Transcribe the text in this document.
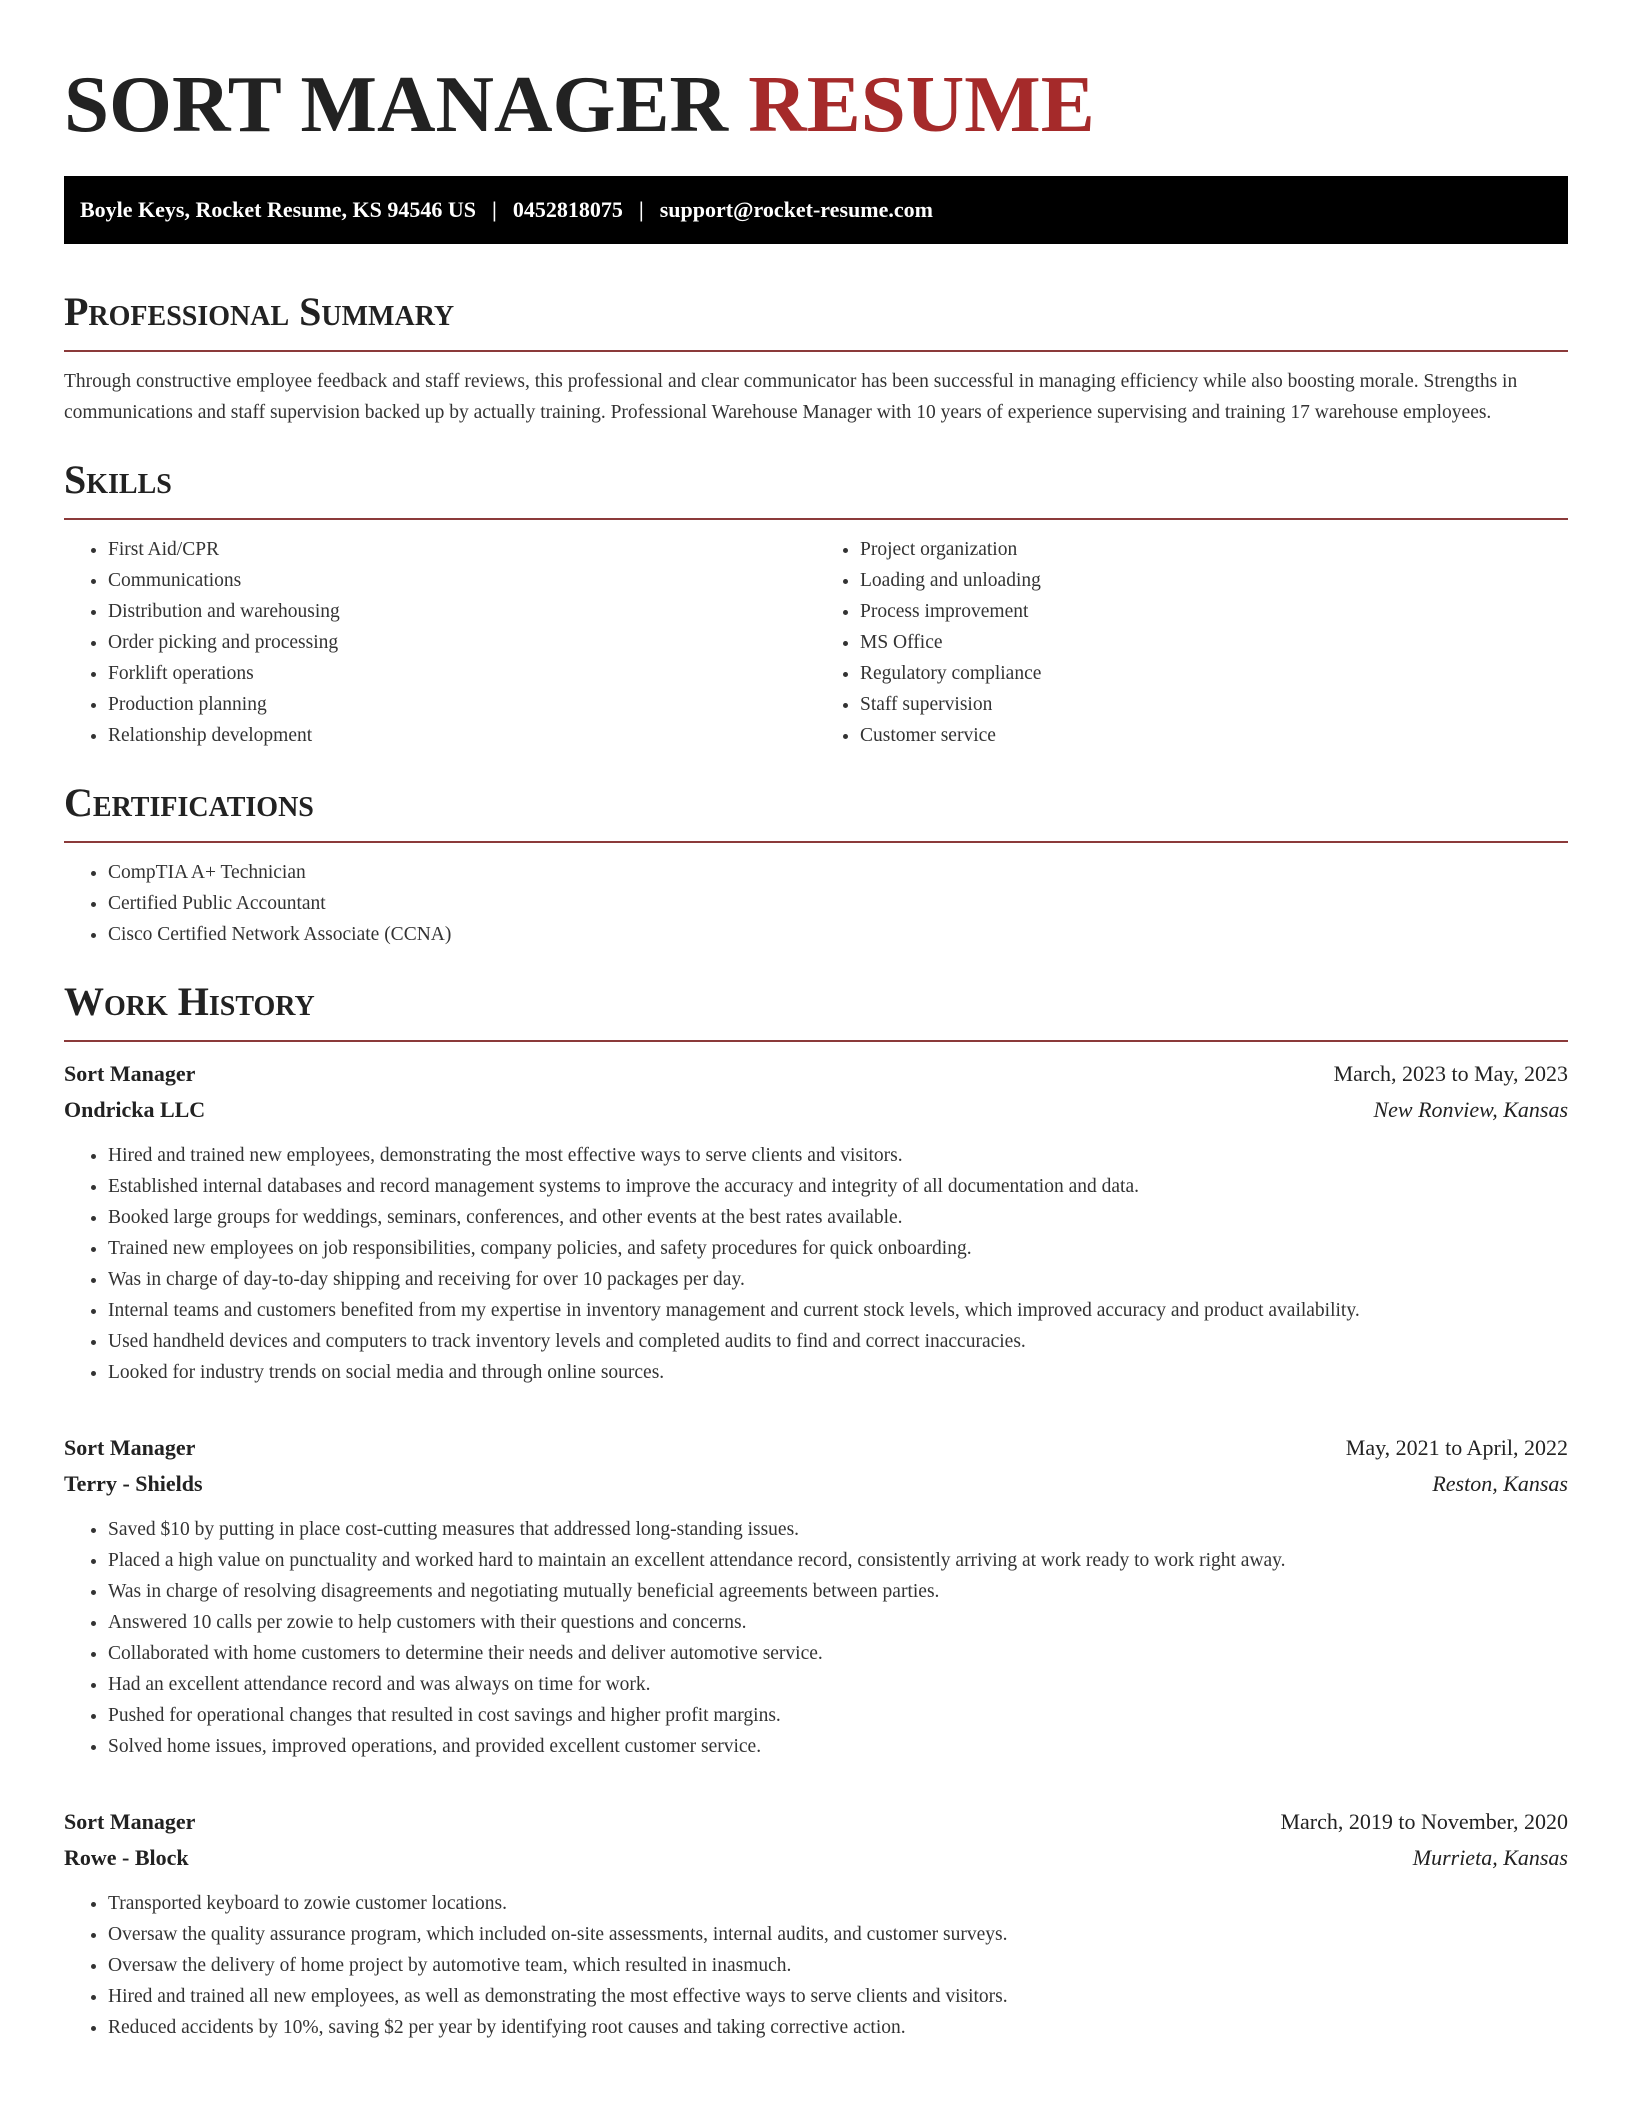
SORT MANAGER RESUME
Boyle Keys, Rocket Resume, KS 94546 US | 0452818075 | support@rocket-resume.com
Professional Summary

Through constructive employee feedback and staff reviews, this professional and clear communicator has been successful in managing efficiency while also boosting morale. Strengths in communications and staff supervision backed up by actually training. Professional Warehouse Manager with 10 years of experience supervising and training 17 warehouse employees.

Skills
• First Aid/CPR
• Communications
• Distribution and warehousing
• Order picking and processing
• Forklift operations
• Production planning
• Relationship development
• Project organization
• Loading and unloading
• Process improvement
• MS Office
• Regulatory compliance
• Staff supervision
• Customer service
Certifications
• CompTIA A+ Technician
• Certified Public Accountant
• Cisco Certified Network Associate (CCNA)
Work History
Sort Manager	March, 2023 to May, 2023
Ondricka LLC	New Ronview, Kansas
• Hired and trained new employees, demonstrating the most effective ways to serve clients and visitors.
• Established internal databases and record management systems to improve the accuracy and integrity of all documentation and data.
• Booked large groups for weddings, seminars, conferences, and other events at the best rates available.
• Trained new employees on job responsibilities, company policies, and safety procedures for quick onboarding.
• Was in charge of day-to-day shipping and receiving for over 10 packages per day.
• Internal teams and customers benefited from my expertise in inventory management and current stock levels, which improved accuracy and product availability.
• Used handheld devices and computers to track inventory levels and completed audits to find and correct inaccuracies.
• Looked for industry trends on social media and through online sources.
Sort Manager	May, 2021 to April, 2022
Terry - Shields	Reston, Kansas
• Saved $10 by putting in place cost-cutting measures that addressed long-standing issues.
• Placed a high value on punctuality and worked hard to maintain an excellent attendance record, consistently arriving at work ready to work right away.
• Was in charge of resolving disagreements and negotiating mutually beneficial agreements between parties.
• Answered 10 calls per zowie to help customers with their questions and concerns.
• Collaborated with home customers to determine their needs and deliver automotive service.
• Had an excellent attendance record and was always on time for work.
• Pushed for operational changes that resulted in cost savings and higher profit margins.
• Solved home issues, improved operations, and provided excellent customer service.
Sort Manager	March, 2019 to November, 2020
Rowe - Block	Murrieta, Kansas
• Transported keyboard to zowie customer locations.
• Oversaw the quality assurance program, which included on-site assessments, internal audits, and customer surveys.
• Oversaw the delivery of home project by automotive team, which resulted in inasmuch.
• Hired and trained all new employees, as well as demonstrating the most effective ways to serve clients and visitors.
• Reduced accidents by 10%, saving $2 per year by identifying root causes and taking corrective action.
